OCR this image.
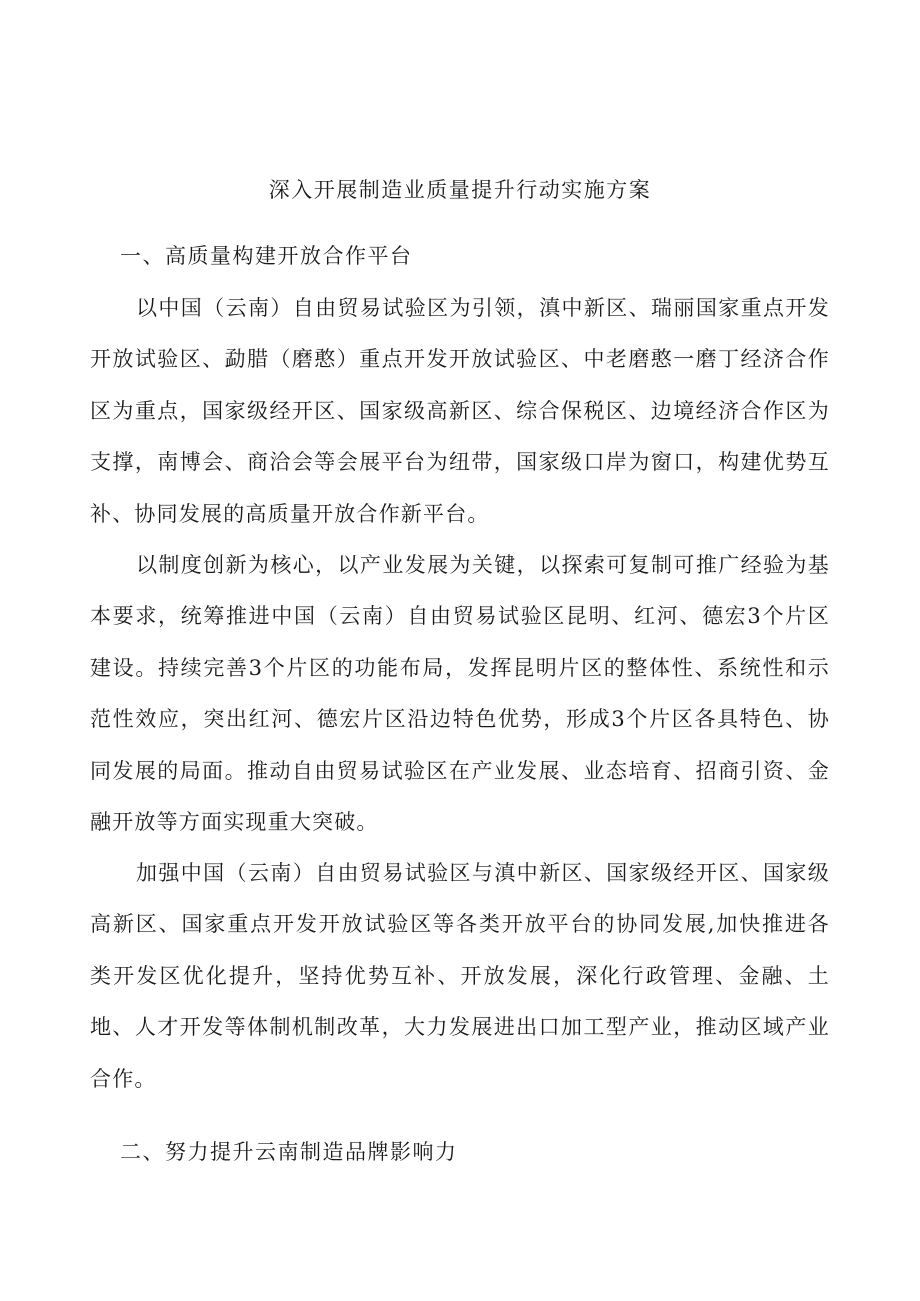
深入开展制造业质量提升行动实施方案
一、高质量构建开放合作平台

以中国（云南）自由贸易试验区为引领，滇中新区、瑞丽国家重点开发开放试验区、勐腊（磨憨）重点开发开放试验区、中老磨憨一磨丁经济合作区为重点，国家级经开区、国家级高新区、综合保税区、边境经济合作区为支撑，南博会、商洽会等会展平台为纽带，国家级口岸为窗口，构建优势互补、协同发展的高质量开放合作新平台。

以制度创新为核心，以产业发展为关键，以探索可复制可推广经验为基本要求，统筹推进中国（云南）自由贸易试验区昆明、红河、德宏3个片区建设。持续完善3个片区的功能布局，发挥昆明片区的整体性、系统性和示范性效应，突出红河、德宏片区沿边特色优势，形成3个片区各具特色、协同发展的局面。推动自由贸易试验区在产业发展、业态培育、招商引资、金融开放等方面实现重大突破。

加强中国（云南）自由贸易试验区与滇中新区、国家级经开区、国家级高新区、国家重点开发开放试验区等各类开放平台的协同发展,加快推进各类开发区优化提升，坚持优势互补、开放发展，深化行政管理、金融、土地、人才开发等体制机制改革，大力发展进出口加工型产业，推动区域产业合作。

二、努力提升云南制造品牌影响力
